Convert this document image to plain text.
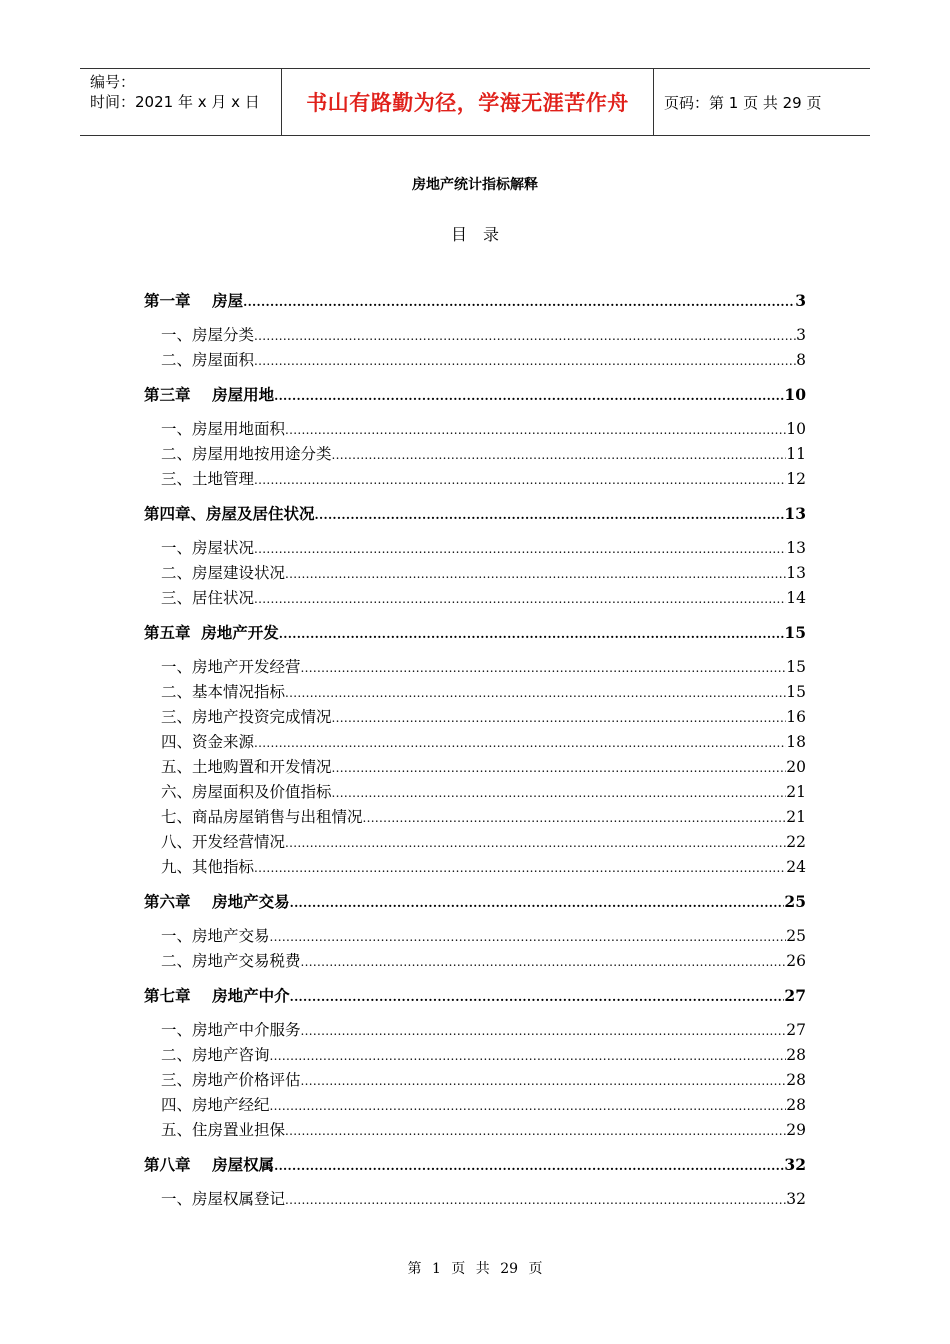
编号：
时间：2021 年 x 月 x 日	书山有路勤为径，学海无涯苦作舟	页码：第 1 页 共 29 页
房地产统计指标解释
目录
第一章    房屋 .....	3
一、房屋分类 .....	3
二、房屋面积 .....	8
第三章    房屋用地 .....	10
一、房屋用地面积 .....	10
二、房屋用地按用途分类 .....	11
三、土地管理 .....	12
第四章、房屋及居住状况 .....	13
一、房屋状况 .....	13
二、房屋建设状况 .....	13
三、居住状况 .....	14
第五章  房地产开发 .....	15
一、房地产开发经营 .....	15
二、基本情况指标 .....	15
三、房地产投资完成情况 .....	16
四、资金来源 .....	18
五、土地购置和开发情况 .....	20
六、房屋面积及价值指标 .....	21
七、商品房屋销售与出租情况 .....	21
八、开发经营情况 .....	22
九、其他指标 .....	24
第六章    房地产交易 .....	25
一、房地产交易 .....	25
二、房地产交易税费 .....	26
第七章    房地产中介 .....	27
一、房地产中介服务 .....	27
二、房地产咨询 .....	28
三、房地产价格评估 .....	28
四、房地产经纪 .....	28
五、住房置业担保 .....	29
第八章    房屋权属 .....	32
一、房屋权属登记 .....	32
第 1 页 共 29 页
